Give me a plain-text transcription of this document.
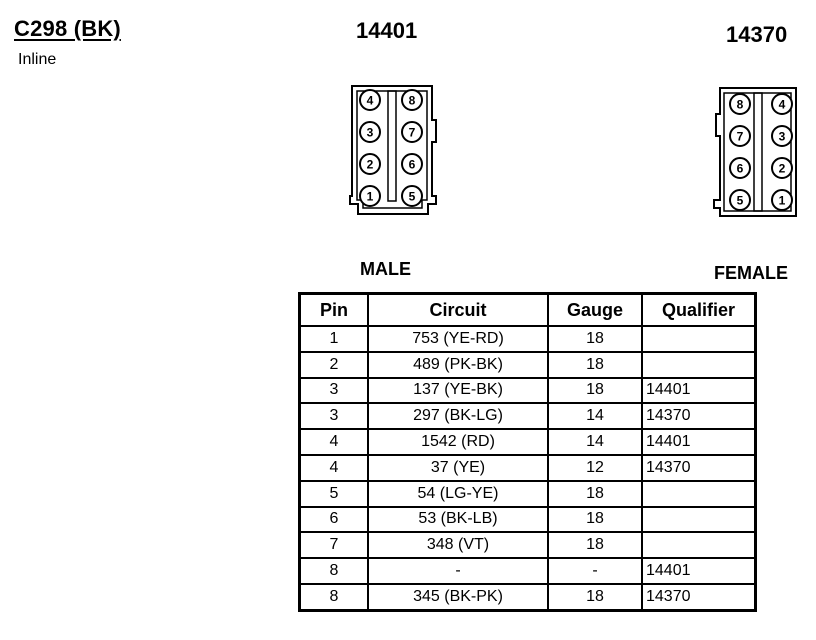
C298 (BK)
Inline
14401	14370
4
3
2
1
8
7
6
5
8
7
6
5
4
3
2
1
MALE	FEMALE
Pin	Circuit	Gauge	Qualifier
1	753 (YE-RD)	18	
2	489 (PK-BK)	18	
3	137 (YE-BK)	18	14401
3	297 (BK-LG)	14	14370
4	1542 (RD)	14	14401
4	37 (YE)	12	14370
5	54 (LG-YE)	18	
6	53 (BK-LB)	18	
7	348 (VT)	18	
8	-	-	14401
8	345 (BK-PK)	18	14370
